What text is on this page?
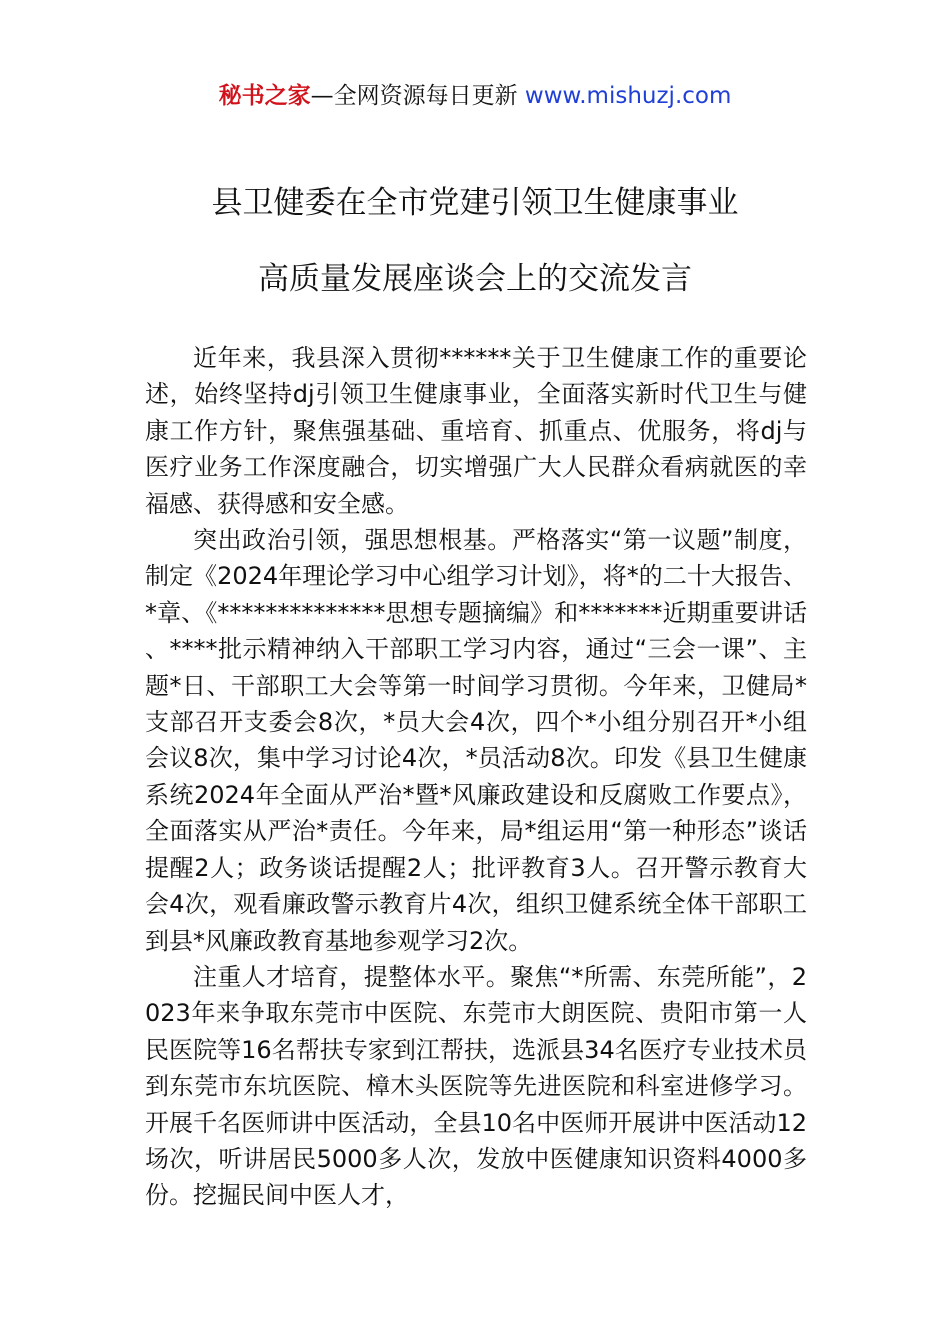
秘书之家—全网资源每日更新 www.mishuzj.com
县卫健委在全市党建引领卫生健康事业
高质量发展座谈会上的交流发言

近年来，我县深入贯彻******关于卫生健康工作的重要论述，始终坚持dj引领卫生健康事业，全面落实新时代卫生与健康工作方针，聚焦强基础、重培育、抓重点、优服务，将dj与医疗业务工作深度融合，切实增强广大人民群众看病就医的幸福感、获得感和安全感。

突出政治引领，强思想根基。严格落实“第一议题”制度，制定《2024年理论学习中心组学习计划》，将*的二十大报告、*章、《**************思想专题摘编》和*******近期重要讲话、****批示精神纳入干部职工学习内容，通过“三会一课”、主题*日、干部职工大会等第一时间学习贯彻。今年来，卫健局*支部召开支委会8次，*员大会4次，四个*小组分别召开*小组会议8次，集中学习讨论4次，*员活动8次。印发《县卫生健康系统2024年全面从严治*暨*风廉政建设和反腐败工作要点》，全面落实从严治*责任。今年来，局*组运用“第一种形态”谈话提醒2人；政务谈话提醒2人；批评教育3人。召开警示教育大会4次，观看廉政警示教育片4次，组织卫健系统全体干部职工到县*风廉政教育基地参观学习2次。

注重人才培育，提整体水平。聚焦“*所需、东莞所能”，2023年来争取东莞市中医院、东莞市大朗医院、贵阳市第一人民医院等16名帮扶专家到江帮扶，选派县34名医疗专业技术员到东莞市东坑医院、樟木头医院等先进医院和科室进修学习。开展千名医师讲中医活动，全县10名中医师开展讲中医活动12场次，听讲居民5000多人次，发放中医健康知识资料4000多份。挖掘民间中医人才，
